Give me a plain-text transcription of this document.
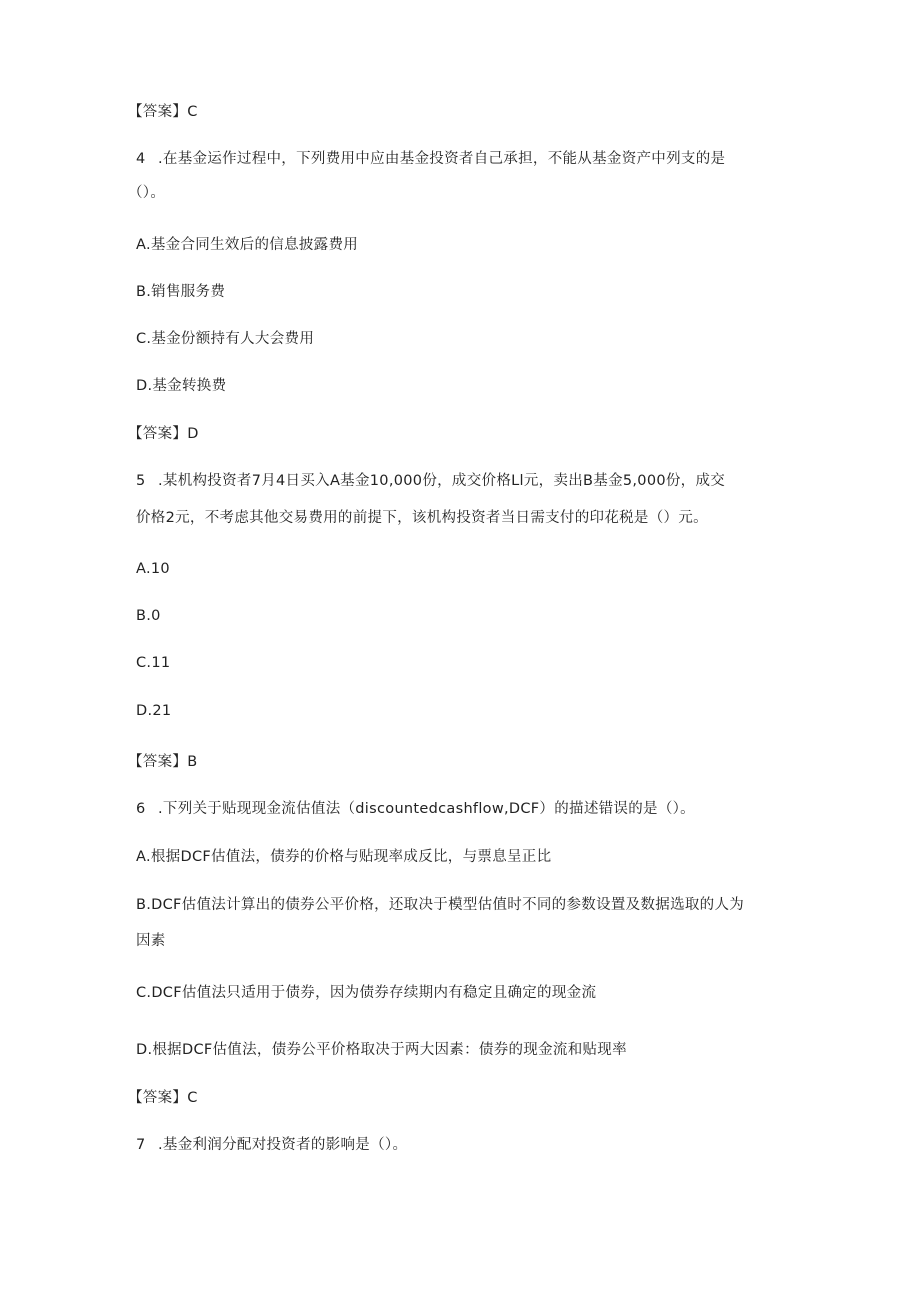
【答案】C
4 .在基金运作过程中，下列费用中应由基金投资者自己承担，不能从基金资产中列支的是
（）。
A.基金合同生效后的信息披露费用
B.销售服务费
C.基金份额持有人大会费用
D.基金转换费
【答案】D
5 .某机构投资者7月4日买入A基金10,000份，成交价格Ll元，卖出B基金5,000份，成交
价格2元，不考虑其他交易费用的前提下，该机构投资者当日需支付的印花税是（）元。
A.10
B.0
C.11
D.21
【答案】B
6 .下列关于贴现现金流估值法（discountedcashflow,DCF）的描述错误的是（）。
A.根据DCF估值法，债券的价格与贴现率成反比，与票息呈正比
B.DCF估值法计算出的债券公平价格，还取决于模型估值时不同的参数设置及数据选取的人为
因素
C.DCF估值法只适用于债券，因为债券存续期内有稳定且确定的现金流
D.根据DCF估值法，债券公平价格取决于两大因素：债券的现金流和贴现率
【答案】C
7 .基金利润分配对投资者的影响是（）。
